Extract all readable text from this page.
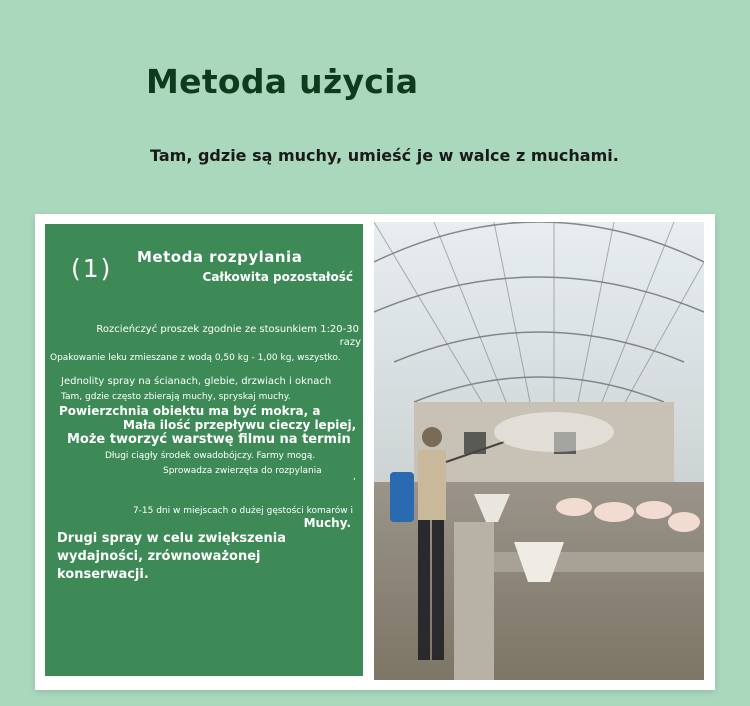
Metoda użycia
Tam, gdzie są muchy, umieść je w walce z muchami.
(1) Metoda rozpylania
Całkowita pozostałość
Rozcieńczyć proszek zgodnie ze stosunkiem 1:20-30
razy
Opakowanie leku zmieszane z wodą 0,50 kg - 1,00 kg, wszystko.
Jednolity spray na ścianach, glebie, drzwiach i oknach
Tam, gdzie często zbierają muchy, spryskaj muchy.
Powierzchnia obiektu ma być mokra, a
Mała ilość przepływu cieczy lepiej,
Może tworzyć warstwę filmu na termin
Długi ciągły środek owadobójczy. Farmy mogą.
Sprowadza zwierzęta do rozpylania
,
7-15 dni w miejscach o dużej gęstości komarów i
Muchy.
Drugi spray w celu zwiększenia wydajności, zrównoważonej konserwacji.
